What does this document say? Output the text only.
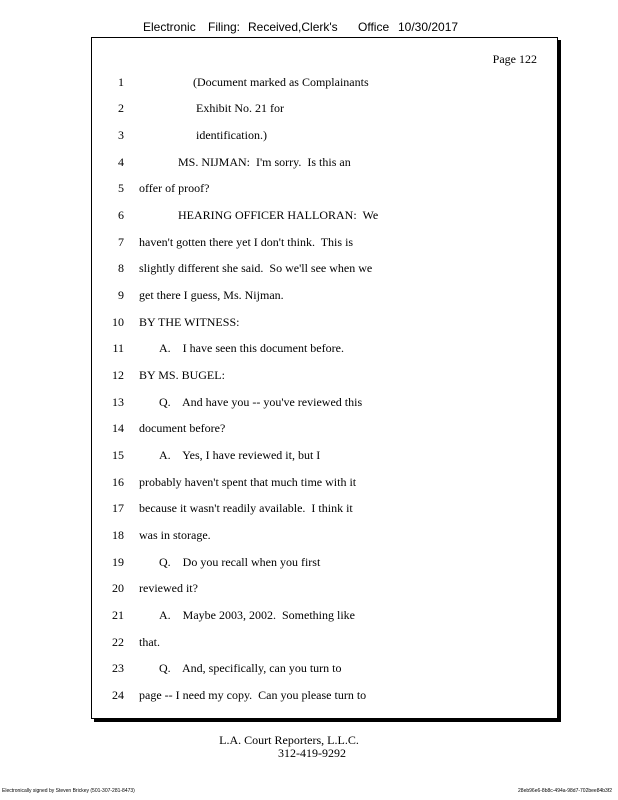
Electronic Filing: Received,Clerk's Office 10/30/2017
Page 122
1	(Document marked as Complainants
2	Exhibit No. 21 for
3	identification.)
4	MS. NIJMAN:  I'm sorry.  Is this an
5 offer of proof?
6	HEARING OFFICER HALLORAN:  We
7 haven't gotten there yet I don't think.  This is
8 slightly different she said.  So we'll see when we
9 get there I guess, Ms. Nijman.
10 BY THE WITNESS:
11	A.    I have seen this document before.
12 BY MS. BUGEL:
13	Q.    And have you -- you've reviewed this
14 document before?
15	A.    Yes, I have reviewed it, but I
16 probably haven't spent that much time with it
17 because it wasn't readily available.  I think it
18 was in storage.
19	Q.    Do you recall when you first
20 reviewed it?
21	A.    Maybe 2003, 2002.  Something like
22 that.
23	Q.    And, specifically, can you turn to
24 page -- I need my copy.  Can you please turn to
L.A. Court Reporters, L.L.C.
312-419-9292
Electronically signed by Steven Brickey (501-307-281-8473)	28eb96e6-8b8c-494a-98d7-702bee84b3f2
